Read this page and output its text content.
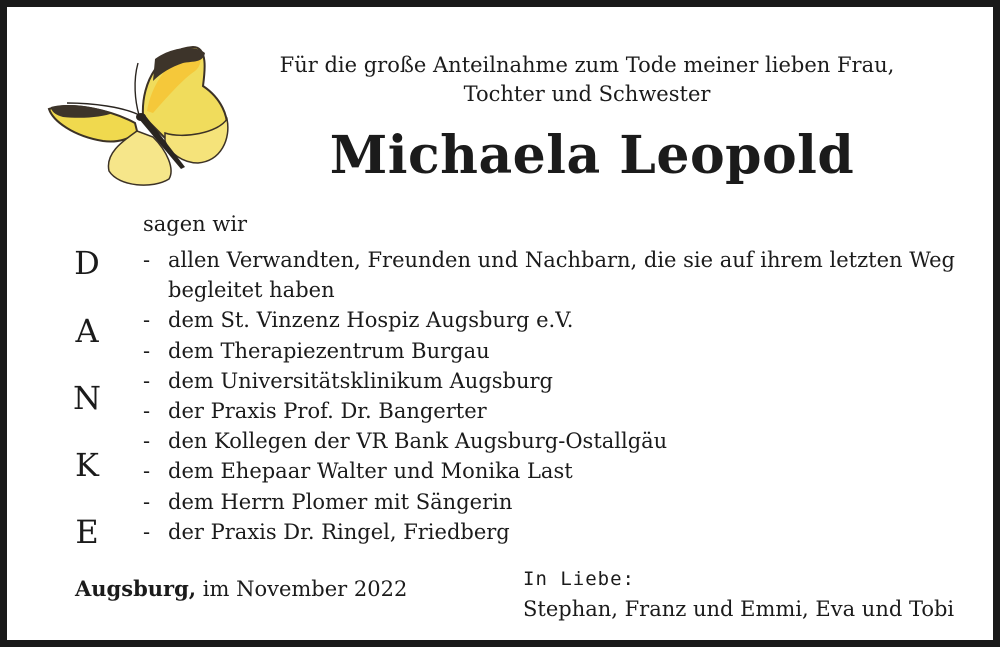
Für die große Anteilnahme zum Tode meiner lieben Frau,
Tochter und Schwester
Michaela Leopold
sagen wir
D
A
N
K
E
- allen Verwandten, Freunden und Nachbarn, die sie auf ihrem letzten Weg begleitet haben
- dem St. Vinzenz Hospiz Augsburg e.V.
- dem Therapiezentrum Burgau
- dem Universitätsklinikum Augsburg
- der Praxis Prof. Dr. Bangerter
- den Kollegen der VR Bank Augsburg-Ostallgäu
- dem Ehepaar Walter und Monika Last
- dem Herrn Plomer mit Sängerin
- der Praxis Dr. Ringel, Friedberg
Augsburg, im November 2022	In Liebe:
Stephan, Franz und Emmi, Eva und Tobi
